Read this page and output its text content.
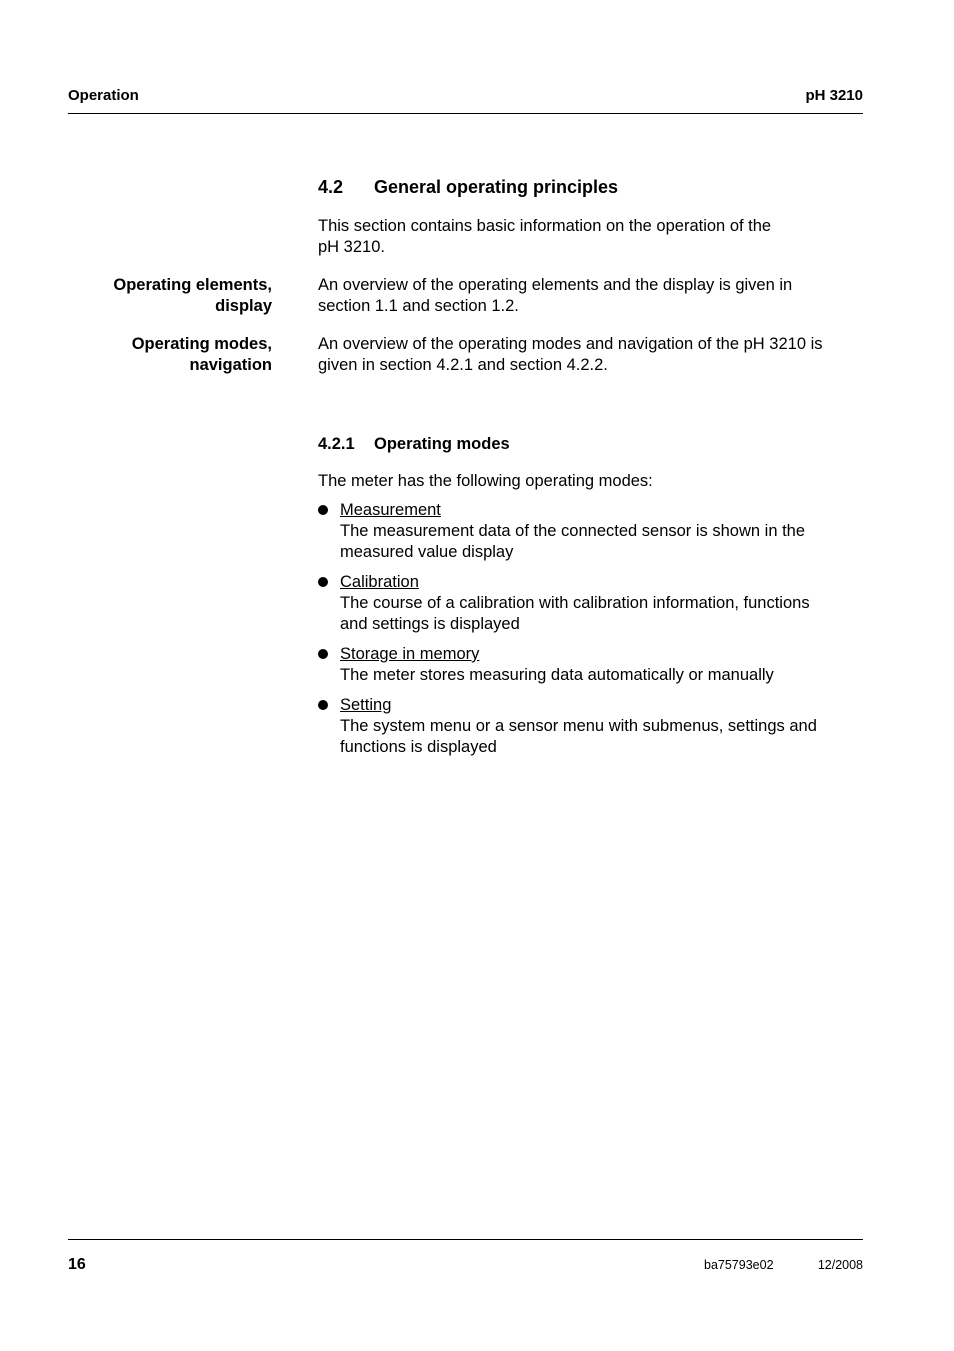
Operation	pH 3210
4.2 General operating principles
This section contains basic information on the operation of the
pH 3210.
Operating elements,
display
An overview of the operating elements and the display is given in
section 1.1 and section 1.2.
Operating modes,
navigation
An overview of the operating modes and navigation of the pH 3210 is
given in section 4.2.1 and section 4.2.2.
4.2.1 Operating modes
The meter has the following operating modes:
Measurement
The measurement data of the connected sensor is shown in the
measured value display
Calibration
The course of a calibration with calibration information, functions
and settings is displayed
Storage in memory
The meter stores measuring data automatically or manually
Setting
The system menu or a sensor menu with submenus, settings and
functions is displayed
16	ba75793e02	12/2008
